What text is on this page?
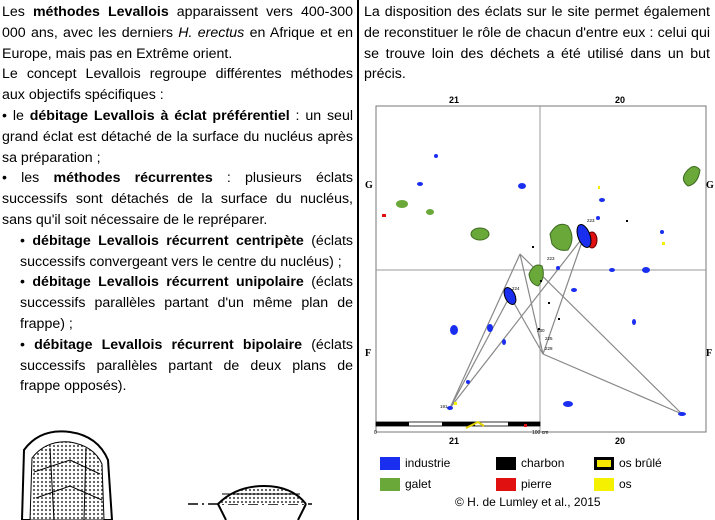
Les méthodes Levallois apparaissent vers 400-300 000 ans, avec les derniers H. erectus en Afrique et en Europe, mais pas en Extrême orient.

Le concept Levallois regroupe différentes méthodes aux objectifs spécifiques :

• le débitage Levallois à éclat préférentiel : un seul grand éclat est détaché de la surface du nucléus après sa préparation ;

• les méthodes récurrentes : plusieurs éclats successifs sont détachés de la surface du nucléus, sans qu'il soit nécessaire de le repréparer.

• débitage Levallois récurrent centripète (éclats successifs convergeant vers le centre du nucléus) ;

• débitage Levallois récurrent unipolaire (éclats successifs parallèles partant d'un même plan de frappe) ;

• débitage Levallois récurrent bipolaire (éclats successifs parallèles partant de deux plans de frappe opposés).

La disposition des éclats sur le site permet également de reconstituer le rôle de chacun d'entre eux : celui qui se trouve loin des déchets a été utilisé dans un but précis.

21	20
21	20
G	G
F	F
0	100 cm
223
223
224
225
230
228
191
industrie
galet
charbon
pierre
os brûlé
os
© H. de Lumley et al., 2015
